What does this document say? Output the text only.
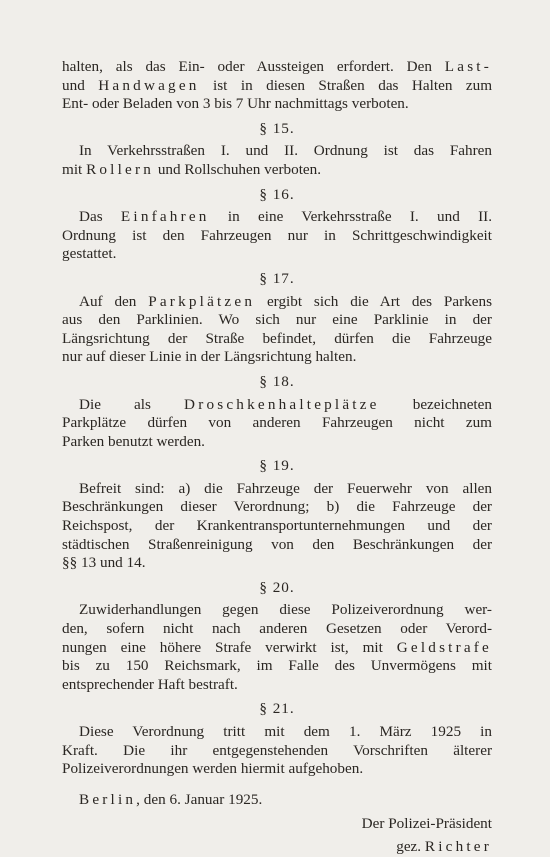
halten, als das Ein- oder Aussteigen erfordert. Den Last-
und Handwagen ist in diesen Straßen das Halten zum
Ent- oder Beladen von 3 bis 7 Uhr nachmittags verboten.
§ 15.
In Verkehrsstraßen I. und II. Ordnung ist das Fahren
mit Rollern und Rollschuhen verboten.
§ 16.
Das Einfahren in eine Verkehrsstraße I. und II.
Ordnung ist den Fahrzeugen nur in Schrittgeschwindigkeit
gestattet.
§ 17.
Auf den Parkplätzen ergibt sich die Art des Parkens
aus den Parklinien. Wo sich nur eine Parklinie in der
Längsrichtung der Straße befindet, dürfen die Fahrzeuge
nur auf dieser Linie in der Längsrichtung halten.
§ 18.
Die als Droschkenhalteplätze bezeichneten
Parkplätze dürfen von anderen Fahrzeugen nicht zum
Parken benutzt werden.
§ 19.
Befreit sind: a) die Fahrzeuge der Feuerwehr von allen
Beschränkungen dieser Verordnung; b) die Fahrzeuge der
Reichspost, der Krankentransportunternehmungen und der
städtischen Straßenreinigung von den Beschränkungen der
§§ 13 und 14.
§ 20.
Zuwiderhandlungen gegen diese Polizeiverordnung wer-
den, sofern nicht nach anderen Gesetzen oder Verord-
nungen eine höhere Strafe verwirkt ist, mit Geldstrafe
bis zu 150 Reichsmark, im Falle des Unvermögens mit
entsprechender Haft bestraft.
§ 21.
Diese Verordnung tritt mit dem 1. März 1925 in
Kraft. Die ihr entgegenstehenden Vorschriften älterer
Polizeiverordnungen werden hiermit aufgehoben.
Berlin, den 6. Januar 1925.
Der Polizei-Präsident
gez. Richter
